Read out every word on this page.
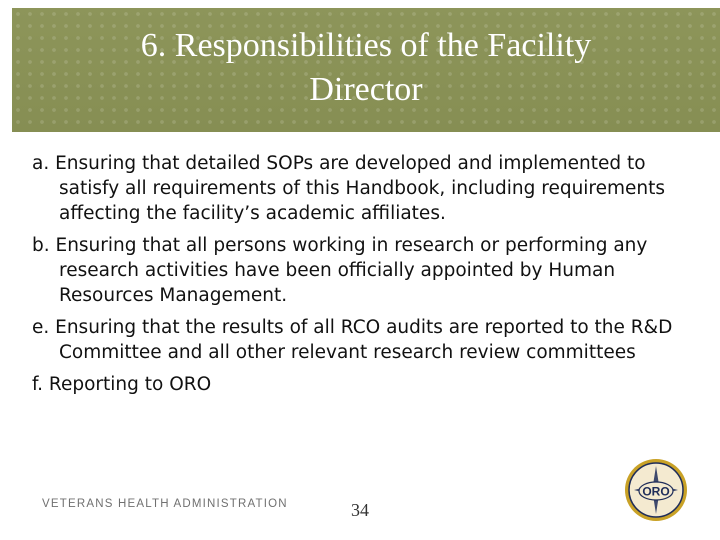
6. Responsibilities of the Facility
Director
a. Ensuring that detailed SOPs are developed and implemented to satisfy all requirements of this Handbook, including requirements affecting the facility’s academic affiliates.
b. Ensuring that all persons working in research or performing any research activities have been officially appointed by Human Resources Management.
e. Ensuring that the results of all RCO audits are reported to the R&D Committee and all other relevant research review committees
f. Reporting to ORO
VETERANS HEALTH ADMINISTRATION	34
ORO
